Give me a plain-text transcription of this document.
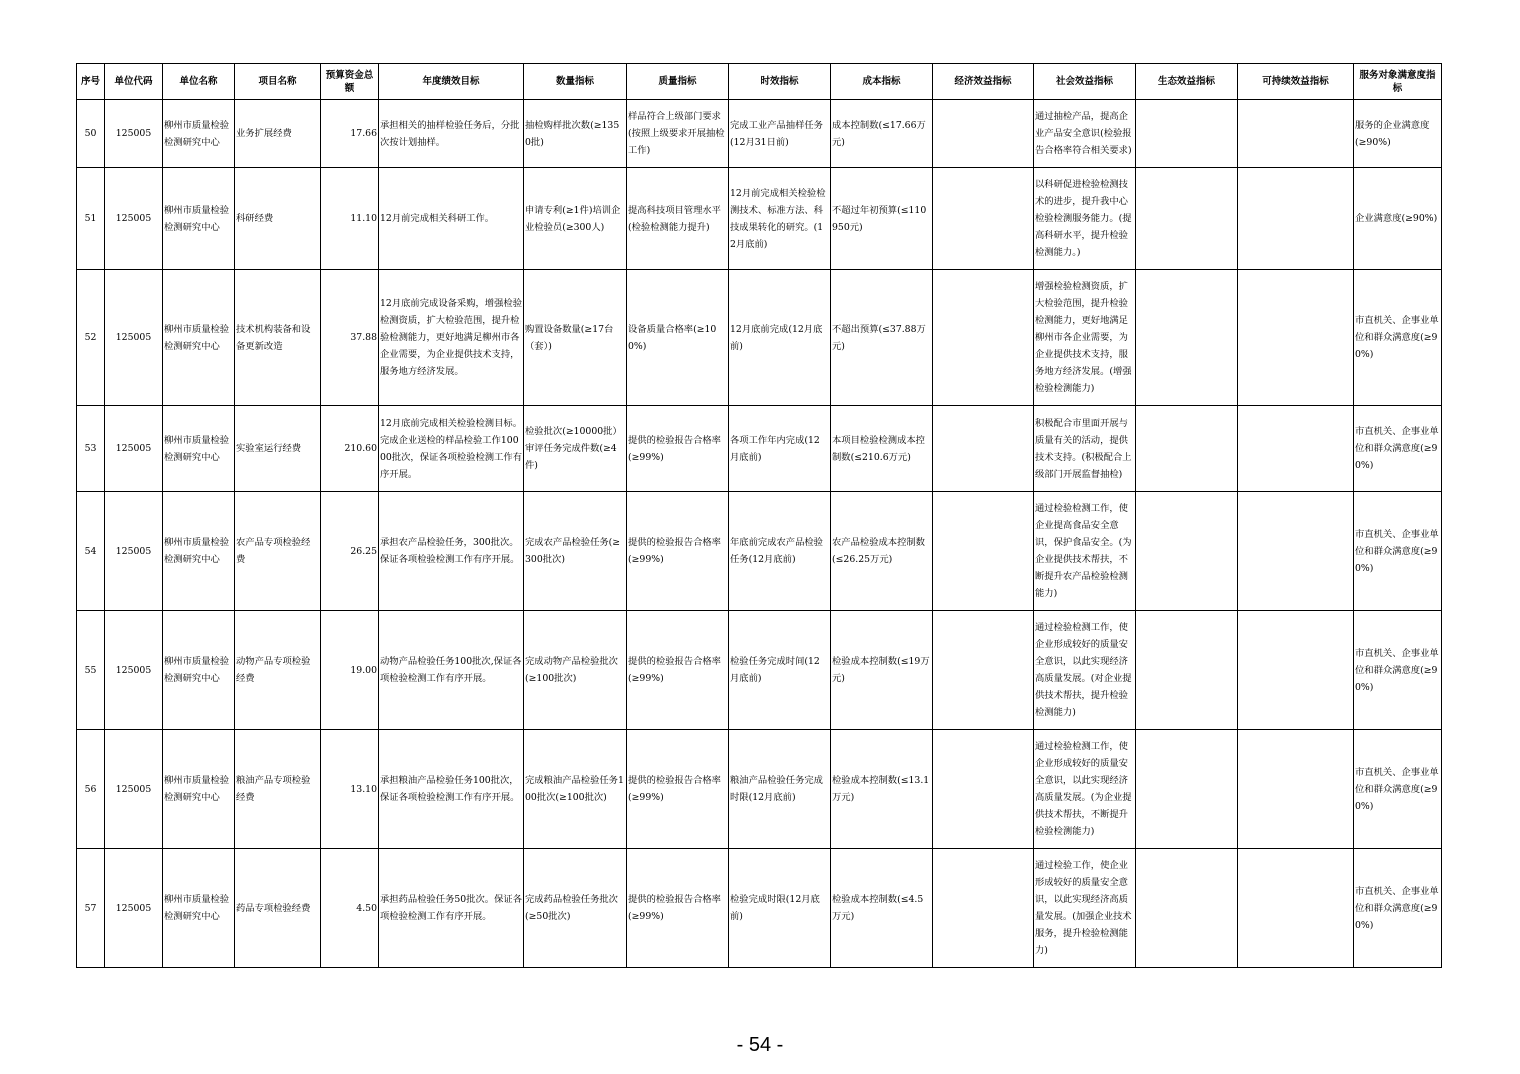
序号	单位代码	单位名称	项目名称	预算资金总额	年度绩效目标	数量指标	质量指标	时效指标	成本指标	经济效益指标	社会效益指标	生态效益指标	可持续效益指标	服务对象满意度指标
50	125005	柳州市质量检验检测研究中心	业务扩展经费	17.66	承担相关的抽样检验任务后，分批次按计划抽样。	抽检购样批次数(≥1350批)	样品符合上级部门要求(按照上级要求开展抽检工作)	完成工业产品抽样任务(12月31日前)	成本控制数(≤17.66万元)		通过抽检产品，提高企业产品安全意识(检验报告合格率符合相关要求)			服务的企业满意度(≥90%)
51	125005	柳州市质量检验检测研究中心	科研经费	11.10	12月前完成相关科研工作。	申请专利(≥1件)培训企业检验员(≥300人)	提高科技项目管理水平(检验检测能力提升)	12月前完成相关检验检测技术、标准方法、科技成果转化的研究。(12月底前)	不超过年初预算(≤110950元)		以科研促进检验检测技术的进步，提升我中心检验检测服务能力。(提高科研水平，提升检验检测能力。)			企业满意度(≥90%)
52	125005	柳州市质量检验检测研究中心	技术机构装备和设备更新改造	37.88	12月底前完成设备采购，增强检验检测资质，扩大检验范围，提升检验检测能力，更好地满足柳州市各企业需要，为企业提供技术支持，服务地方经济发展。	购置设备数量(≥17台（套）)	设备质量合格率(≥100%)	12月底前完成(12月底前)	不超出预算(≤37.88万元)		增强检验检测资质，扩大检验范围，提升检验检测能力，更好地满足柳州市各企业需要，为企业提供技术支持，服务地方经济发展。(增强检验检测能力)			市直机关、企事业单位和群众满意度(≥90%)
53	125005	柳州市质量检验检测研究中心	实验室运行经费	210.60	12月底前完成相关检验检测目标。完成企业送检的样品检验工作10000批次，保证各项检验检测工作有序开展。	检验批次(≥10000批）审评任务完成件数(≥4件)	提供的检验报告合格率(≥99%)	各项工作年内完成(12月底前)	本项目检验检测成本控制数(≤210.6万元)		积极配合市里面开展与质量有关的活动，提供技术支持。(积极配合上级部门开展监督抽检)			市直机关、企事业单位和群众满意度(≥90%)
54	125005	柳州市质量检验检测研究中心	农产品专项检验经费	26.25	承担农产品检验任务，300批次。保证各项检验检测工作有序开展。	完成农产品检验任务(≥300批次)	提供的检验报告合格率(≥99%)	年底前完成农产品检验任务(12月底前)	农产品检验成本控制数(≤26.25万元)		通过检验检测工作，使企业提高食品安全意识，保护食品安全。(为企业提供技术帮扶，不断提升农产品检验检测能力)			市直机关、企事业单位和群众满意度(≥90%)
55	125005	柳州市质量检验检测研究中心	动物产品专项检验经费	19.00	动物产品检验任务100批次,保证各项检验检测工作有序开展。	完成动物产品检验批次(≥100批次)	提供的检验报告合格率(≥99%)	检验任务完成时间(12月底前)	检验成本控制数(≤19万元)		通过检验检测工作，使企业形成较好的质量安全意识，以此实现经济高质量发展。(对企业提供技术帮扶，提升检验检测能力)			市直机关、企事业单位和群众满意度(≥90%)
56	125005	柳州市质量检验检测研究中心	粮油产品专项检验经费	13.10	承担粮油产品检验任务100批次，保证各项检验检测工作有序开展。	完成粮油产品检验任务100批次(≥100批次)	提供的检验报告合格率(≥99%)	粮油产品检验任务完成时限(12月底前)	检验成本控制数(≤13.1万元)		通过检验检测工作，使企业形成较好的质量安全意识，以此实现经济高质量发展。(为企业提供技术帮扶，不断提升检验检测能力)			市直机关、企事业单位和群众满意度(≥90%)
57	125005	柳州市质量检验检测研究中心	药品专项检验经费	4.50	承担药品检验任务50批次。保证各项检验检测工作有序开展。	完成药品检验任务批次(≥50批次)	提供的检验报告合格率(≥99%)	检验完成时限(12月底前)	检验成本控制数(≤4.5万元)		通过检验工作，使企业形成较好的质量安全意识，以此实现经济高质量发展。(加强企业技术服务，提升检验检测能力)			市直机关、企事业单位和群众满意度(≥90%)
- 54 -
